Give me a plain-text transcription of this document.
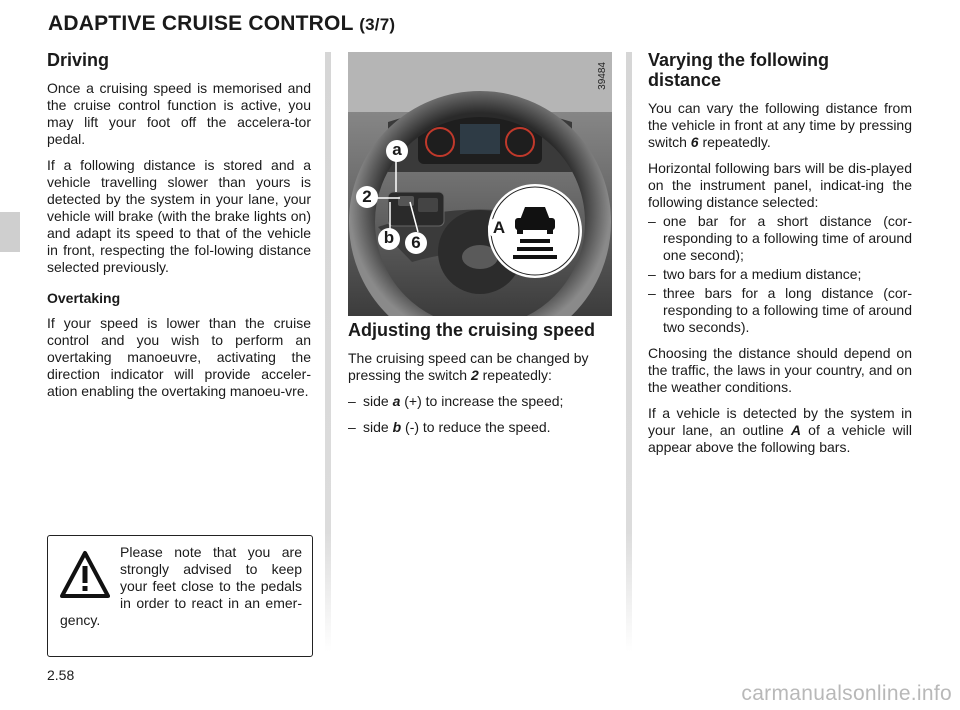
ADAPTIVE CRUISE CONTROL (3/7)
Driving

Once a cruising speed is memorised and the cruise control function is active, you may lift your foot off the accelera-tor pedal.

If a following distance is stored and a vehicle travelling slower than yours is detected by the system in your lane, your vehicle will brake (with the brake lights on) and adapt its speed to that of the vehicle in front, respecting the fol-lowing distance selected previously.

Overtaking

If your speed is lower than the cruise control and you wish to perform an overtaking manoeuvre, activating the direction indicator will provide acceler-ation enabling the overtaking manoeu-vre.

Please note that you are strongly advised to keep your feet close to the pedals in order to react in an emer-gency.
39484
a
2
b	6
A
Adjusting the cruising speed

The cruising speed can be changed by pressing the switch 2 repeatedly:

– side a (+) to increase the speed;
– side b (-) to reduce the speed.
Varying the following distance

You can vary the following distance from the vehicle in front at any time by pressing switch 6 repeatedly.

Horizontal following bars will be dis-played on the instrument panel, indicat-ing the following distance selected:

– one bar for a short distance (cor-responding to a following time of around one second);
– two bars for a medium distance;
– three bars for a long distance (cor-responding to a following time of around two seconds).

Choosing the distance should depend on the traffic, the laws in your country, and on the weather conditions.

If a vehicle is detected by the system in your lane, an outline A of a vehicle will appear above the following bars.

2.58
carmanualsonline.info
